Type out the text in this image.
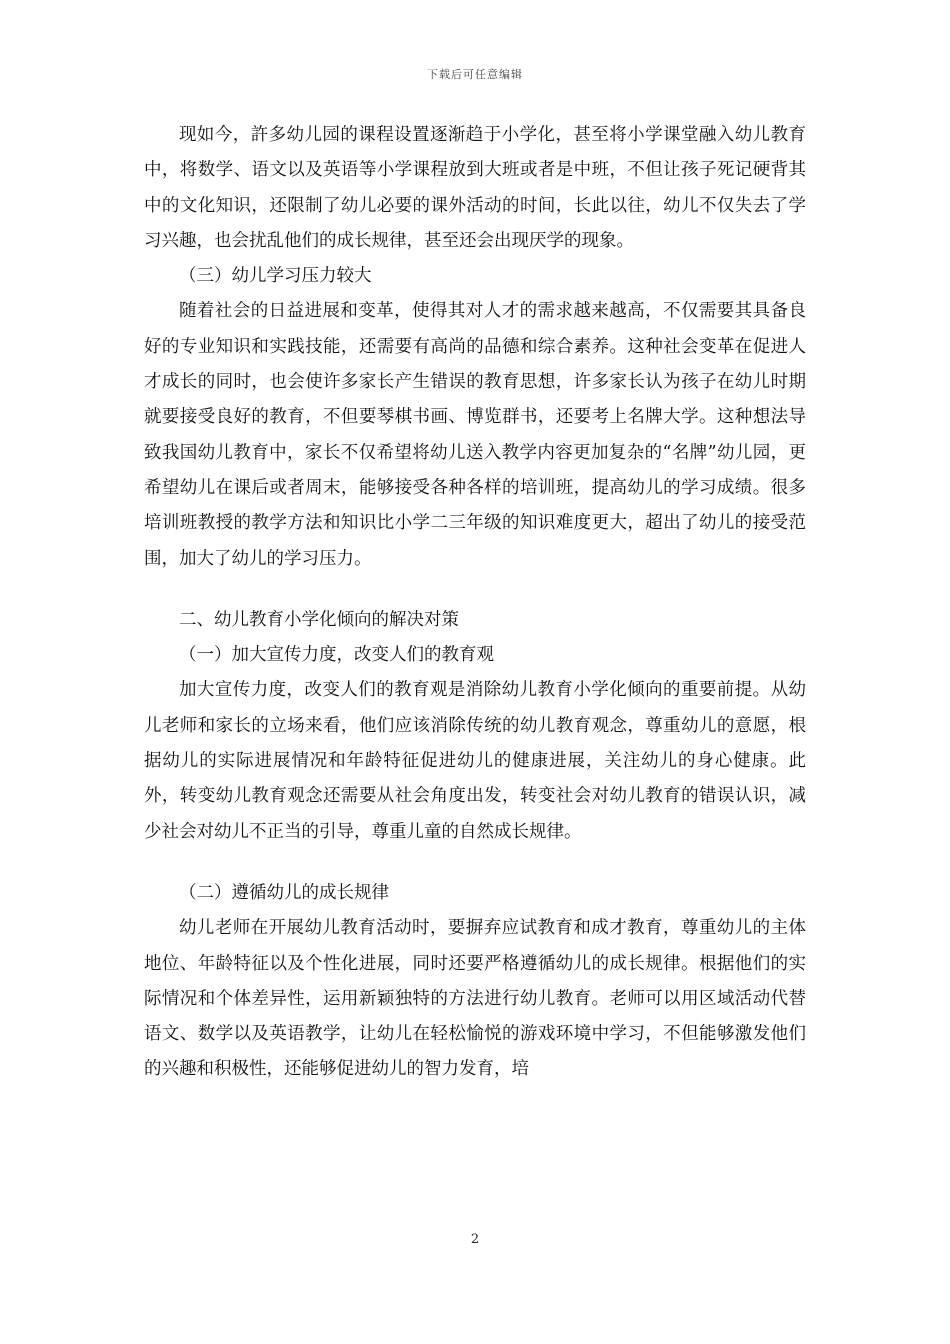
下载后可任意编辑

现如今，許多幼儿园的课程设置逐渐趋于小学化，甚至将小学课堂融入幼儿教育中，将数学、语文以及英语等小学课程放到大班或者是中班，不但让孩子死记硬背其中的文化知识，还限制了幼儿必要的课外活动的时间，长此以往，幼儿不仅失去了学习兴趣，也会扰乱他们的成长规律，甚至还会出现厌学的现象。

（三）幼儿学习压力较大

随着社会的日益进展和变革，使得其对人才的需求越来越高，不仅需要其具备良好的专业知识和实践技能，还需要有高尚的品德和综合素养。这种社会变革在促进人才成长的同时，也会使许多家长产生错误的教育思想，许多家长认为孩子在幼儿时期就要接受良好的教育，不但要琴棋书画、博览群书，还要考上名牌大学。这种想法导致我国幼儿教育中，家长不仅希望将幼儿送入教学内容更加复杂的“名牌”幼儿园，更希望幼儿在课后或者周末，能够接受各种各样的培训班，提高幼儿的学习成绩。很多培训班教授的教学方法和知识比小学二三年级的知识难度更大，超出了幼儿的接受范围，加大了幼儿的学习压力。

二、幼儿教育小学化倾向的解决对策

（一）加大宣传力度，改变人们的教育观

加大宣传力度，改变人们的教育观是消除幼儿教育小学化倾向的重要前提。从幼儿老师和家长的立场来看，他们应该消除传统的幼儿教育观念，尊重幼儿的意愿，根据幼儿的实际进展情况和年龄特征促进幼儿的健康进展，关注幼儿的身心健康。此外，转变幼儿教育观念还需要从社会角度出发，转变社会对幼儿教育的错误认识，减少社会对幼儿不正当的引导，尊重儿童的自然成长规律。

（二）遵循幼儿的成长规律

幼儿老师在开展幼儿教育活动时，要摒弃应试教育和成才教育，尊重幼儿的主体地位、年龄特征以及个性化进展，同时还要严格遵循幼儿的成长规律。根据他们的实际情况和个体差异性，运用新颖独特的方法进行幼儿教育。老师可以用区域活动代替语文、数学以及英语教学，让幼儿在轻松愉悦的游戏环境中学习，不但能够激发他们的兴趣和积极性，还能够促进幼儿的智力发育，培

2
